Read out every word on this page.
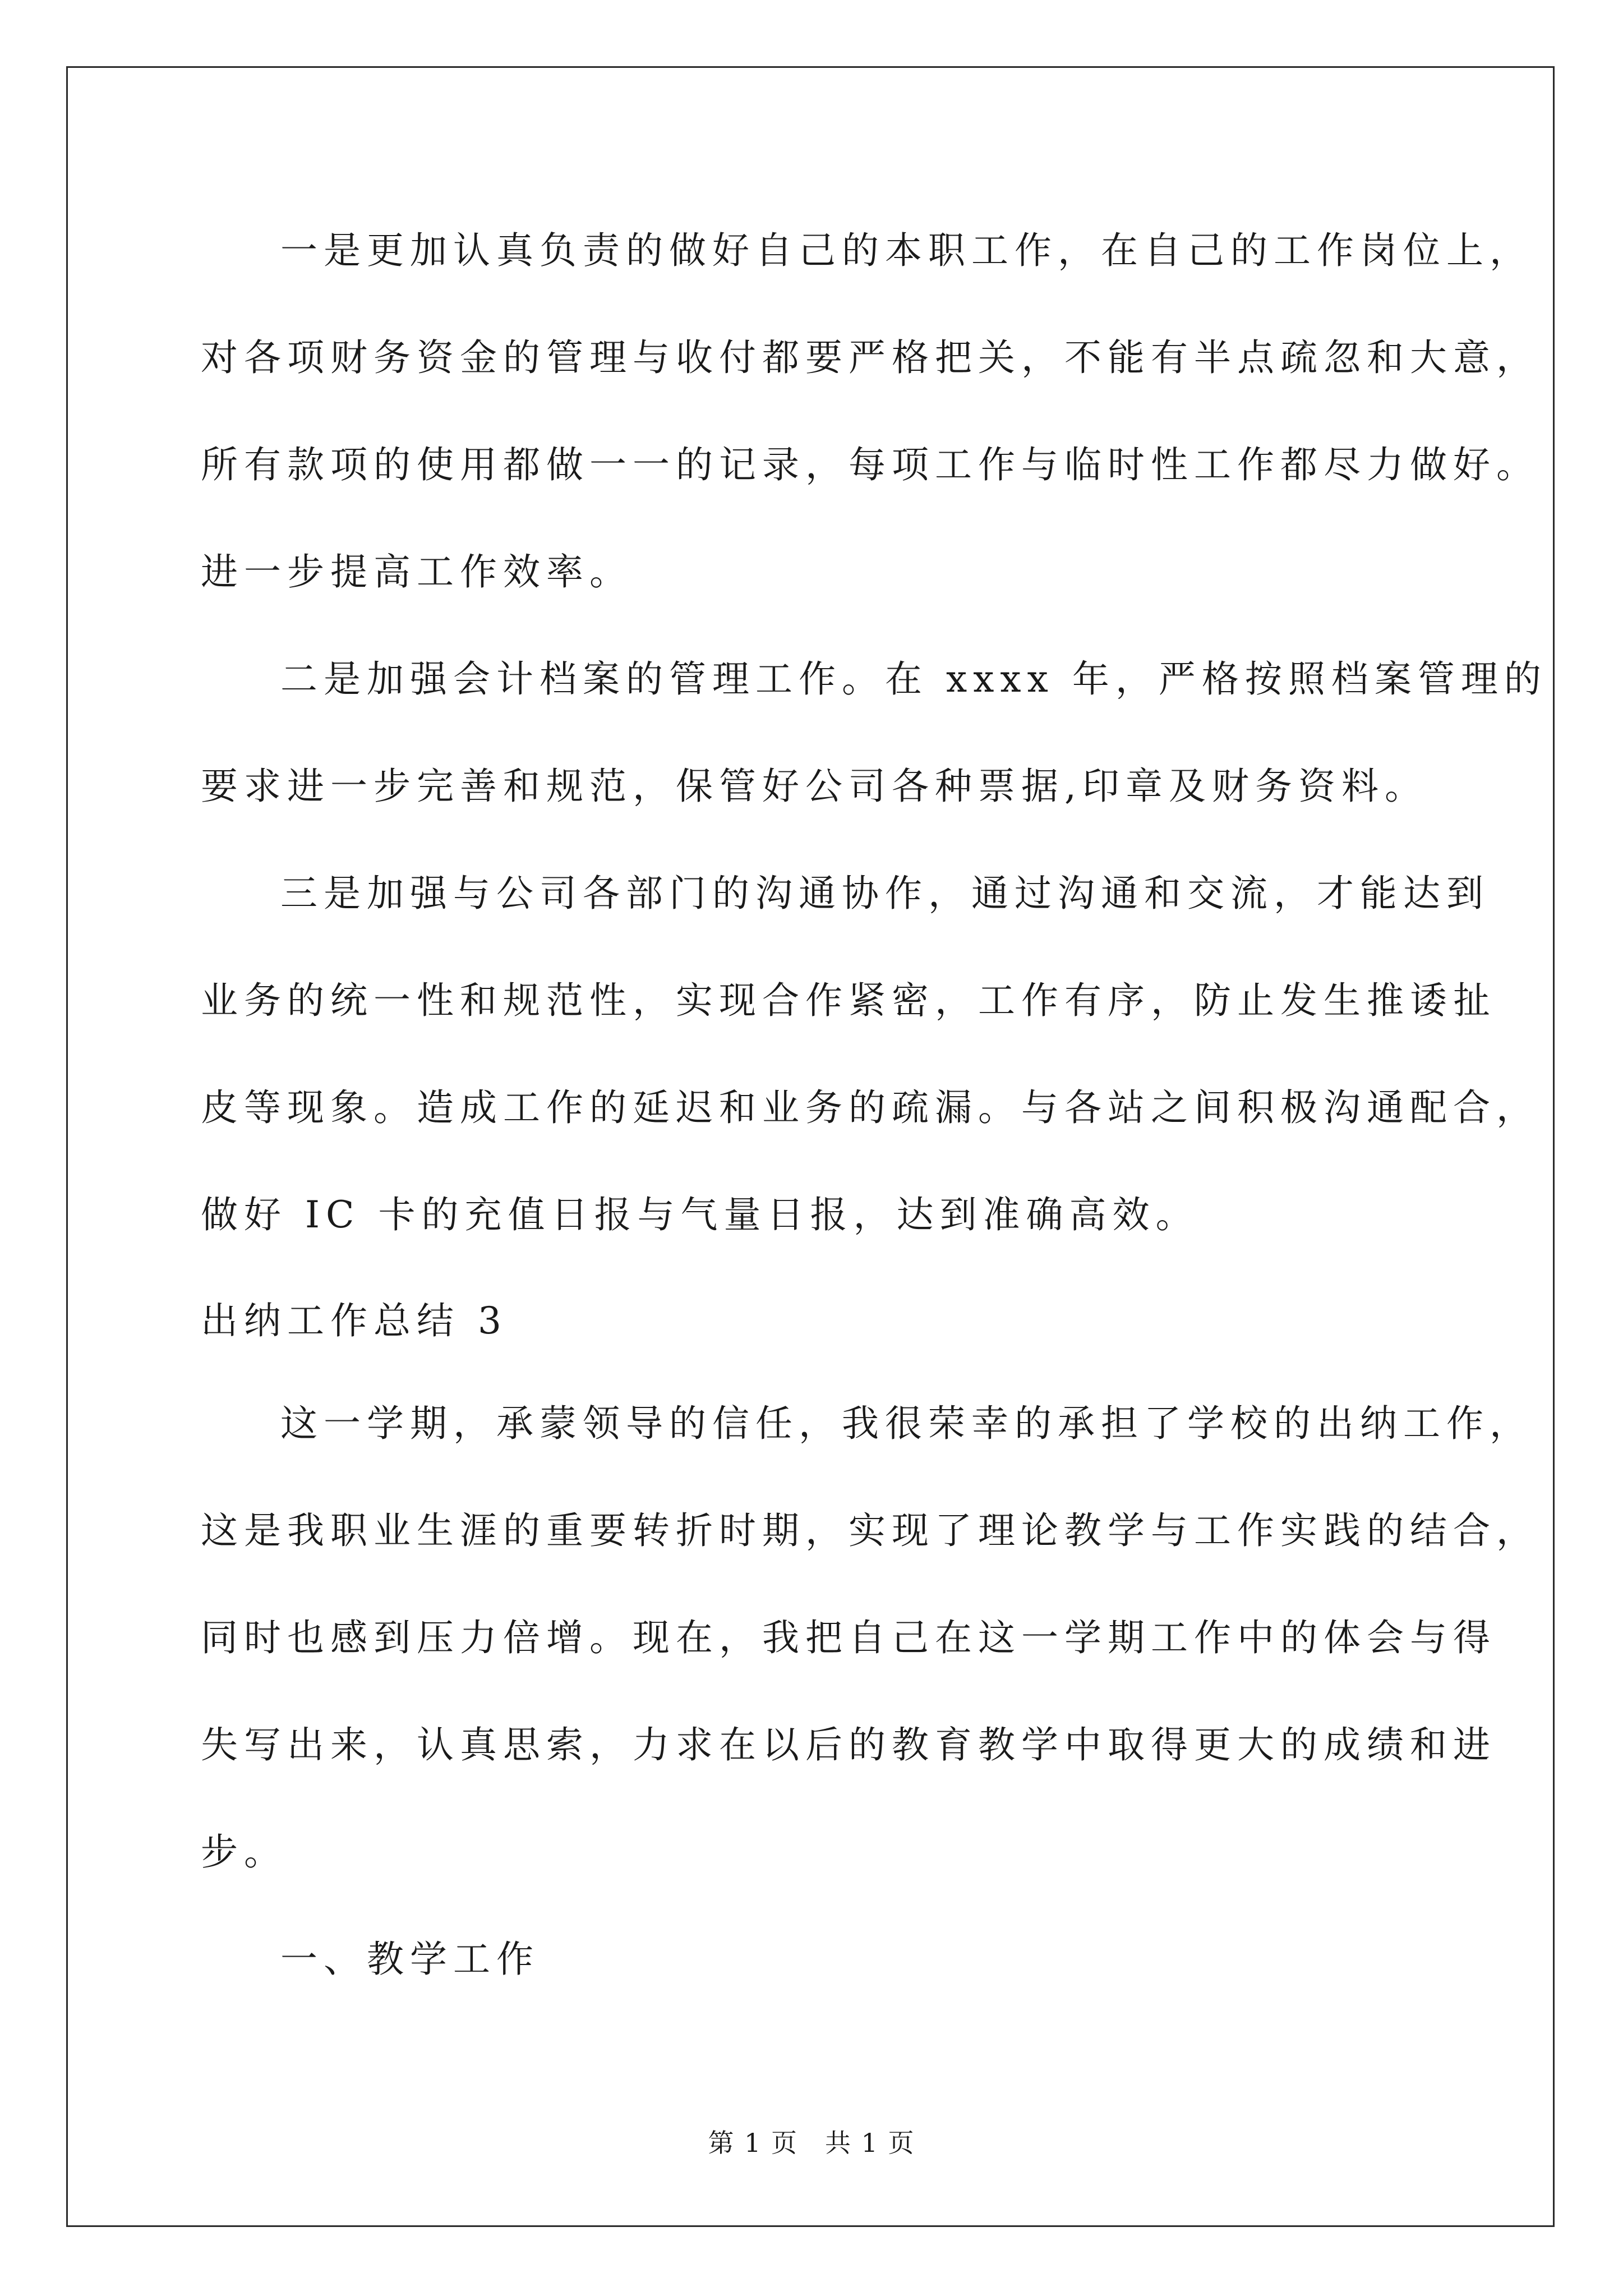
一是更加认真负责的做好自己的本职工作，在自己的工作岗位上，
对各项财务资金的管理与收付都要严格把关，不能有半点疏忽和大意，
所有款项的使用都做一一的记录，每项工作与临时性工作都尽力做好。
进一步提高工作效率。
二是加强会计档案的管理工作。在 xxxx 年，严格按照档案管理的
要求进一步完善和规范，保管好公司各种票据,印章及财务资料。
三是加强与公司各部门的沟通协作，通过沟通和交流，才能达到
业务的统一性和规范性，实现合作紧密，工作有序，防止发生推诿扯
皮等现象。造成工作的延迟和业务的疏漏。与各站之间积极沟通配合，
做好 IC 卡的充值日报与气量日报，达到准确高效。
出纳工作总结 3
这一学期，承蒙领导的信任，我很荣幸的承担了学校的出纳工作，
这是我职业生涯的重要转折时期，实现了理论教学与工作实践的结合，
同时也感到压力倍增。现在，我把自己在这一学期工作中的体会与得
失写出来，认真思索，力求在以后的教育教学中取得更大的成绩和进
步。
一、教学工作
第 1 页　共 1 页
